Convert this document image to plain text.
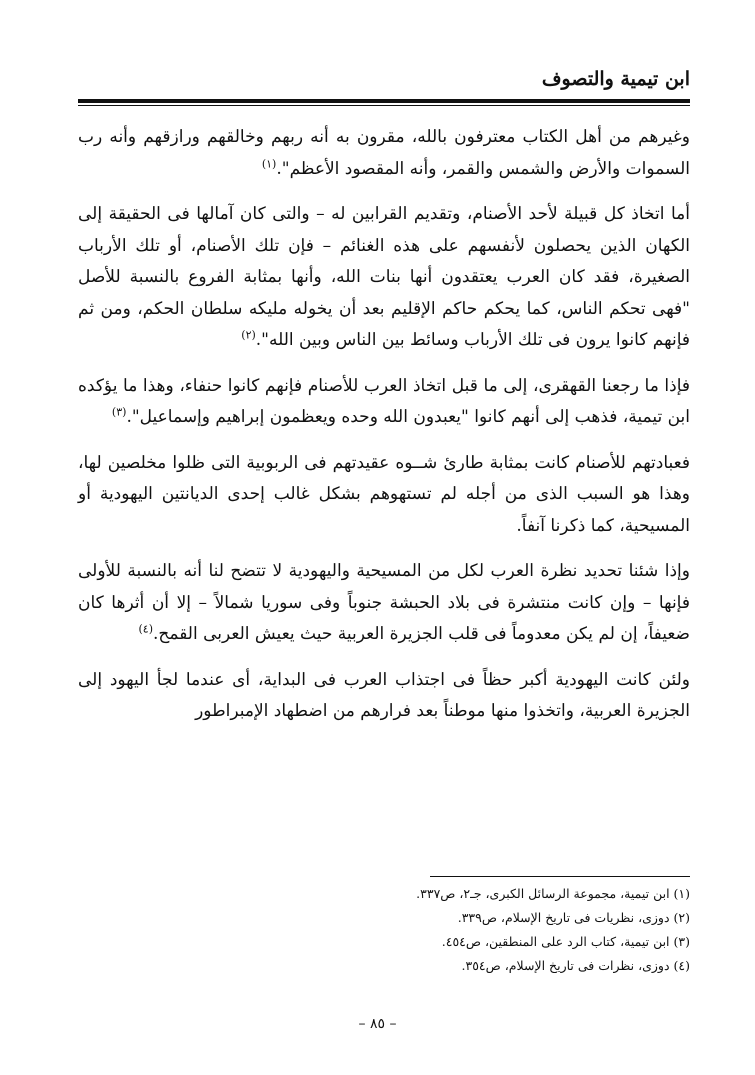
ابن تيمية والتصوف

وغيرهم من أهل الكتاب معترفون بالله، مقرون به أنه ربهم وخالقهم ورازقهم وأنه رب السموات والأرض والشمس والقمر، وأنه المقصود الأعظم".$^{(١)}$

أما اتخاذ كل قبيلة لأحد الأصنام، وتقديم القرابين له – والتى كان آمالها فى الحقيقة إلى الكهان الذين يحصلون لأنفسهم على هذه الغنائم – فإن تلك الأصنام، أو تلك الأرباب الصغيرة، فقد كان العرب يعتقدون أنها بنات الله، وأنها بمثابة الفروع بالنسبة للأصل "فهى تحكم الناس، كما يحكم حاكم الإقليم بعد أن يخوله مليكه سلطان الحكم، ومن ثم فإنهم كانوا يرون فى تلك الأرباب وسائط بين الناس وبين الله".$^{(٢)}$

فإذا ما رجعنا القهقرى، إلى ما قبل اتخاذ العرب للأصنام فإنهم كانوا حنفاء، وهذا ما يؤكده ابن تيمية، فذهب إلى أنهم كانوا "يعبدون الله وحده ويعظمون إبراهيم وإسماعيل".$^{(٣)}$

فعبادتهم للأصنام كانت بمثابة طارئ شــوه عقيدتهم فى الربوبية التى ظلوا مخلصين لها، وهذا هو السبب الذى من أجله لم تستهوهم بشكل غالب إحدى الديانتين اليهودية أو المسيحية، كما ذكرنا آنفاً.

وإذا شئنا تحديد نظرة العرب لكل من المسيحية واليهودية لا تتضح لنا أنه بالنسبة للأولى فإنها – وإن كانت منتشرة فى بلاد الحبشة جنوباً وفى سوريا شمالاً – إلا أن أثرها كان ضعيفاً، إن لم يكن معدوماً فى قلب الجزيرة العربية حيث يعيش العربى القمح.$^{(٤)}$

ولئن كانت اليهودية أكبر حظاً فى اجتذاب العرب فى البداية، أى عندما لجأ اليهود إلى الجزيرة العربية، واتخذوا منها موطناً بعد فرارهم من اضطهاد الإمبراطور

(١) ابن تيمية، مجموعة الرسائل الكبرى، جـ٢، ص٣٣٧.
(٢) دوزى، نظريات فى تاريخ الإسلام، ص٣٣٩.
(٣) ابن تيمية، كتاب الرد على المنطقين، ص٤٥٤.
(٤) دوزى، نظرات فى تاريخ الإسلام، ص٣٥٤.
– ٨٥ –
